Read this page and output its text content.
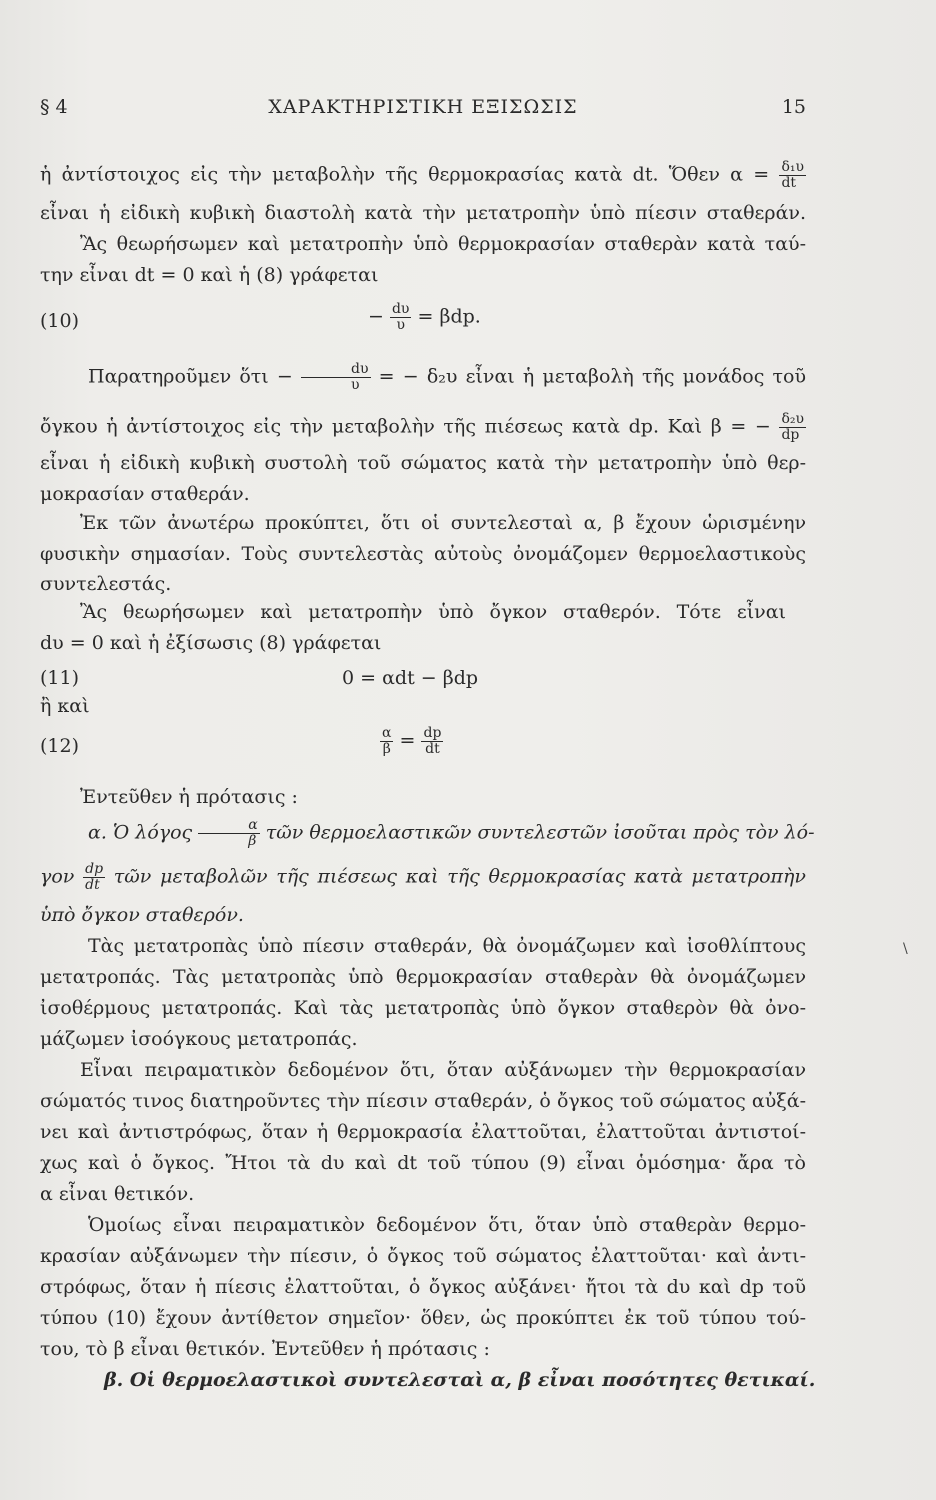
§ 4	ΧΑΡΑΚΤΗΡΙΣΤΙΚΗ ΕΞΙΣΩΣΙΣ	15
ἡ ἀντίστοιχος εἰς τὴν μεταβολὴν τῆς θερμοκρασίας κατὰ dt. Ὅθεν $\alpha = \frac{\text{δ₁υ}}{dt}$
εἶναι ἡ εἰδικὴ κυβικὴ διαστολὴ κατὰ τὴν μετατροπὴν ὑπὸ πίεσιν σταθεράν.
Ἂς θεωρήσωμεν καὶ μετατροπὴν ὑπὸ θερμοκρασίαν σταθερὰν κατὰ ταύ-
την εἶναι dt = 0 καὶ ἡ (8) γράφεται
(10)	− $\frac{d\upsilon}{\upsilon} = \beta dp$.
Παρατηροῦμεν ὅτι − $\frac{d\upsilon}{\upsilon}$ = − δ₂υ εἶναι ἡ μεταβολὴ τῆς μονάδος τοῦ
ὄγκου ἡ ἀντίστοιχος εἰς τὴν μεταβολὴν τῆς πιέσεως κατὰ dp. Καὶ β = − $\frac{\text{δ₂υ}}{dp}$
εἶναι ἡ εἰδικὴ κυβικὴ συστολὴ τοῦ σώματος κατὰ τὴν μετατροπὴν ὑπὸ θερ-
μοκρασίαν σταθεράν.
Ἐκ τῶν ἀνωτέρω προκύπτει, ὅτι οἱ συντελεσταὶ α, β ἔχουν ὡρισμένην
φυσικὴν σημασίαν. Τοὺς συντελεστὰς αὐτοὺς ὀνομάζομεν θερμοελαστικοὺς
συντελεστάς.
Ἂς θεωρήσωμεν καὶ μετατροπὴν ὑπὸ ὄγκον σταθερόν. Τότε εἶναι
dυ = 0 καὶ ἡ ἐξίσωσις (8) γράφεται
(11)	0 = αdt − βdp
ἢ καὶ
(12)	$\frac{\alpha}{\beta} = \frac{dp}{dt}$
Ἐντεῦθεν ἡ πρότασις :
α. Ὁ λόγος $\frac{\alpha}{\beta}$ τῶν θερμοελαστικῶν συντελεστῶν ἰσοῦται πρὸς τὸν λό-
γον $\frac{dp}{dt}$ τῶν μεταβολῶν τῆς πιέσεως καὶ τῆς θερμοκρασίας κατὰ μετατροπὴν
ὑπὸ ὄγκον σταθερόν.
Τὰς μετατροπὰς ὑπὸ πίεσιν σταθεράν, θὰ ὀνομάζωμεν καὶ ἰσοθλίπτους
μετατροπάς. Τὰς μετατροπὰς ὑπὸ θερμοκρασίαν σταθερὰν θὰ ὀνομάζωμεν
ἰσοθέρμους μετατροπάς. Καὶ τὰς μετατροπὰς ὑπὸ ὄγκον σταθερὸν θὰ ὀνο-
μάζωμεν ἰσοόγκους μετατροπάς.
Εἶναι πειραματικὸν δεδομένον ὅτι, ὅταν αὐξάνωμεν τὴν θερμοκρασίαν
σώματός τινος διατηροῦντες τὴν πίεσιν σταθεράν, ὁ ὄγκος τοῦ σώματος αὐξά-
νει καὶ ἀντιστρόφως, ὅταν ἡ θερμοκρασία ἐλαττοῦται, ἐλαττοῦται ἀντιστοί-
χως καὶ ὁ ὄγκος. Ἤτοι τὰ dυ καὶ dt τοῦ τύπου (9) εἶναι ὁμόσημα· ἄρα τὸ
α εἶναι θετικόν.
Ὁμοίως εἶναι πειραματικὸν δεδομένον ὅτι, ὅταν ὑπὸ σταθερὰν θερμο-
κρασίαν αὐξάνωμεν τὴν πίεσιν, ὁ ὄγκος τοῦ σώματος ἐλαττοῦται· καὶ ἀντι-
στρόφως, ὅταν ἡ πίεσις ἐλαττοῦται, ὁ ὄγκος αὐξάνει· ἤτοι τὰ dυ καὶ dp τοῦ
τύπου (10) ἔχουν ἀντίθετον σημεῖον· ὅθεν, ὡς προκύπτει ἐκ τοῦ τύπου τού-
του, τὸ β εἶναι θετικόν. Ἐντεῦθεν ἡ πρότασις :
β. Οἱ θερμοελαστικοὶ συντελεσταὶ α, β εἶναι ποσότητες θετικαί.
\
